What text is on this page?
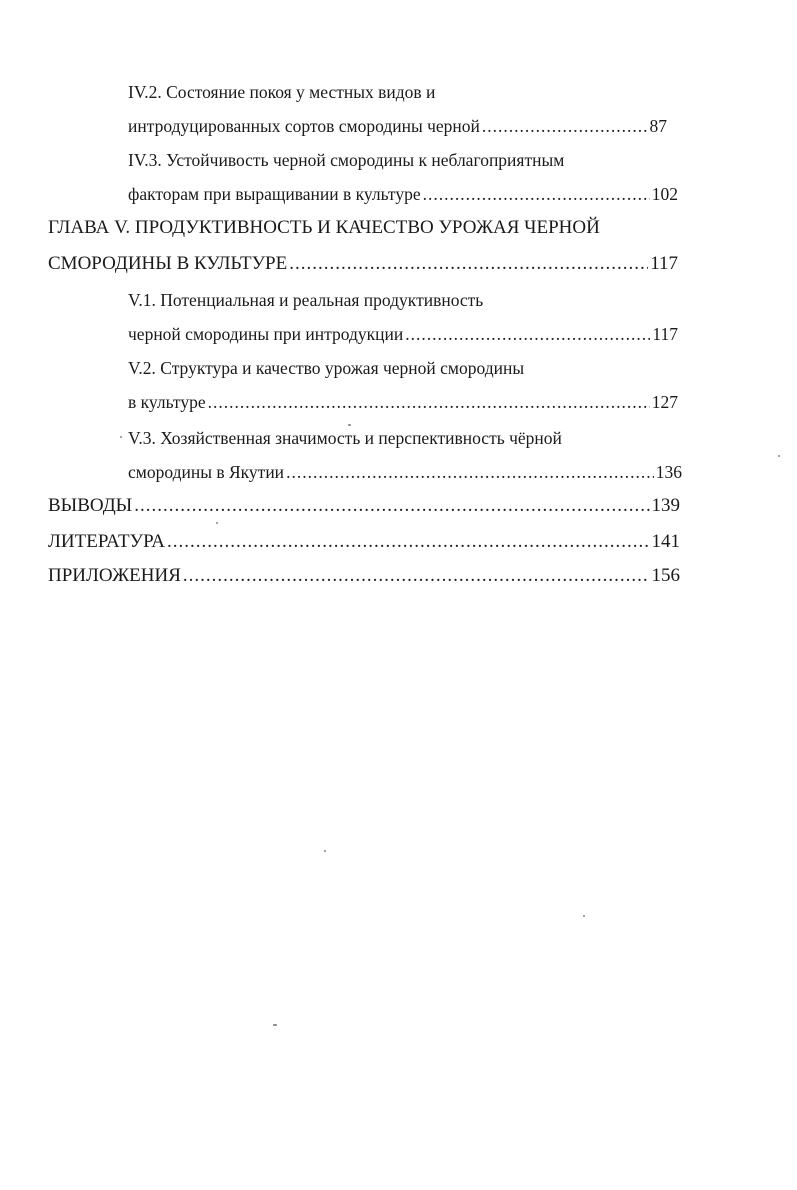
IV.2. Состояние покоя у местных видов и
интродуцированных сортов смородины черной .....	87
IV.3. Устойчивость черной смородины к неблагоприятным
факторам при выращивании в культуре .....	102
ГЛАВА V. ПРОДУКТИВНОСТЬ И КАЧЕСТВО УРОЖАЯ ЧЕРНОЙ
СМОРОДИНЫ В КУЛЬТУРЕ .....	117
V.1. Потенциальная и реальная продуктивность
черной смородины при интродукции .....	117
V.2. Структура и качество урожая черной смородины
в культуре .....	127
V.3. Хозяйственная значимость и перспективность чёрной
смородины в Якутии .....	136
ВЫВОДЫ .....	139
ЛИТЕРАТУРА .....	141
ПРИЛОЖЕНИЯ .....	156
